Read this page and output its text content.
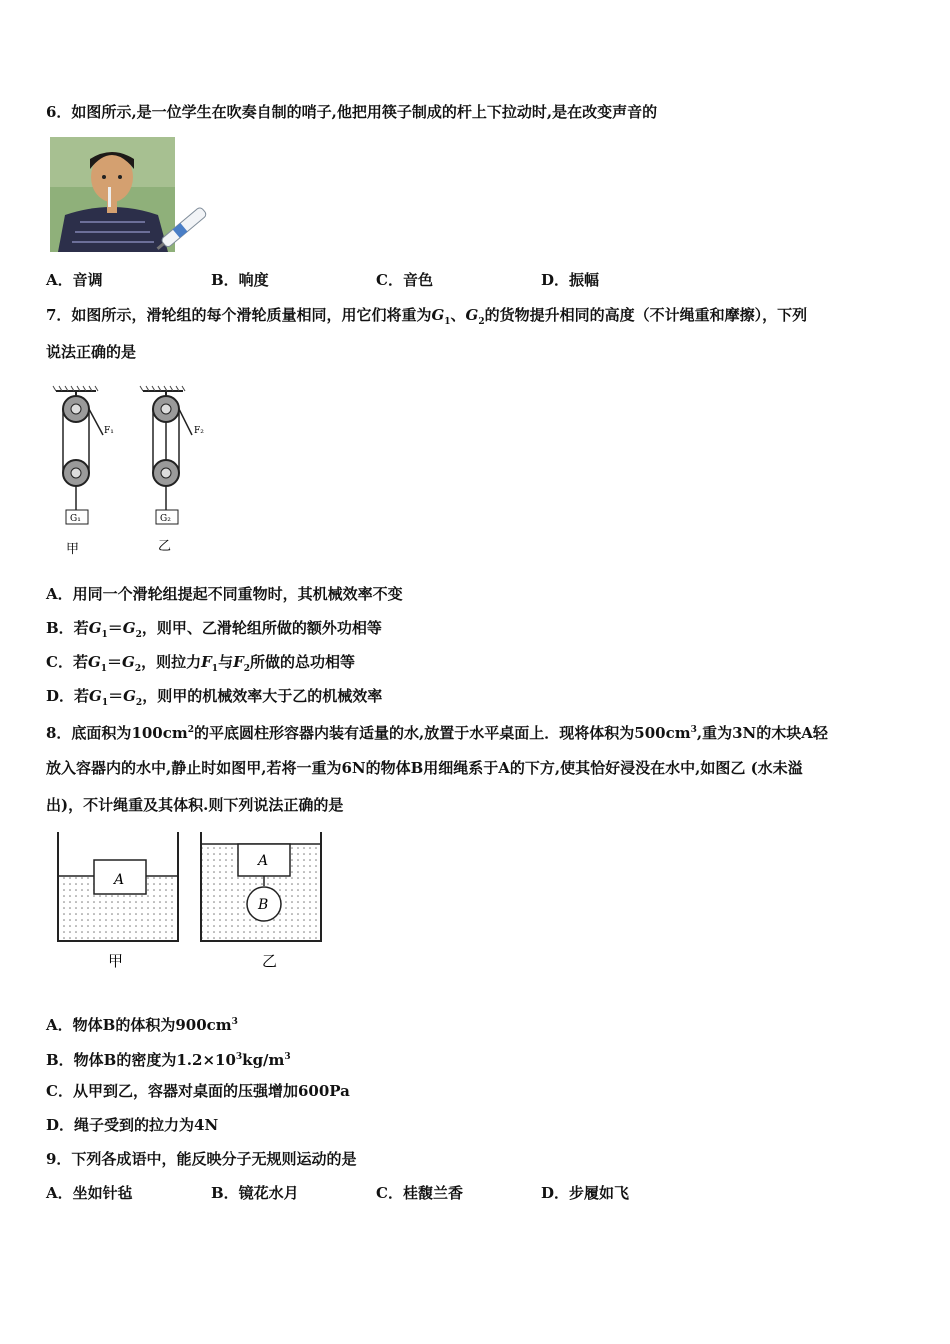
6．如图所示,是一位学生在吹奏自制的哨子,他把用筷子制成的杆上下拉动时,是在改变声音的
A．音调	B．响度	C．音色	D．振幅
7．如图所示，滑轮组的每个滑轮质量相同，用它们将重为$G_1$、$G_2$的货物提升相同的高度（不计绳重和摩擦），下列
说法正确的是
F₁	F₂
G₁	G₂
甲	乙
A．用同一个滑轮组提起不同重物时，其机械效率不变
B．若$G_1=G_2$，则甲、乙滑轮组所做的额外功相等
C．若$G_1=G_2$，则拉力$F_1$与$F_2$所做的总功相等
D．若$G_1=G_2$，则甲的机械效率大于乙的机械效率
8．底面积为$100cm^2$的平底圆柱形容器内装有适量的水,放置于水平桌面上．现将体积为$500cm^3$,重为3N的木块A轻
放入容器内的水中,静止时如图甲,若将一重为6N的物体B用细绳系于A的下方,使其恰好浸没在水中,如图乙 (水未溢
出)，不计绳重及其体积.则下列说法正确的是
A
A
B
甲	乙
A．物体B的体积为$900cm^3$
B．物体B的密度为$1.2\times 10^3kg/m^3$
C．从甲到乙，容器对桌面的压强增加600Pa
D．绳子受到的拉力为4N
9．下列各成语中，能反映分子无规则运动的是
A．坐如针毡	B．镜花水月	C．桂馥兰香	D．步履如飞
